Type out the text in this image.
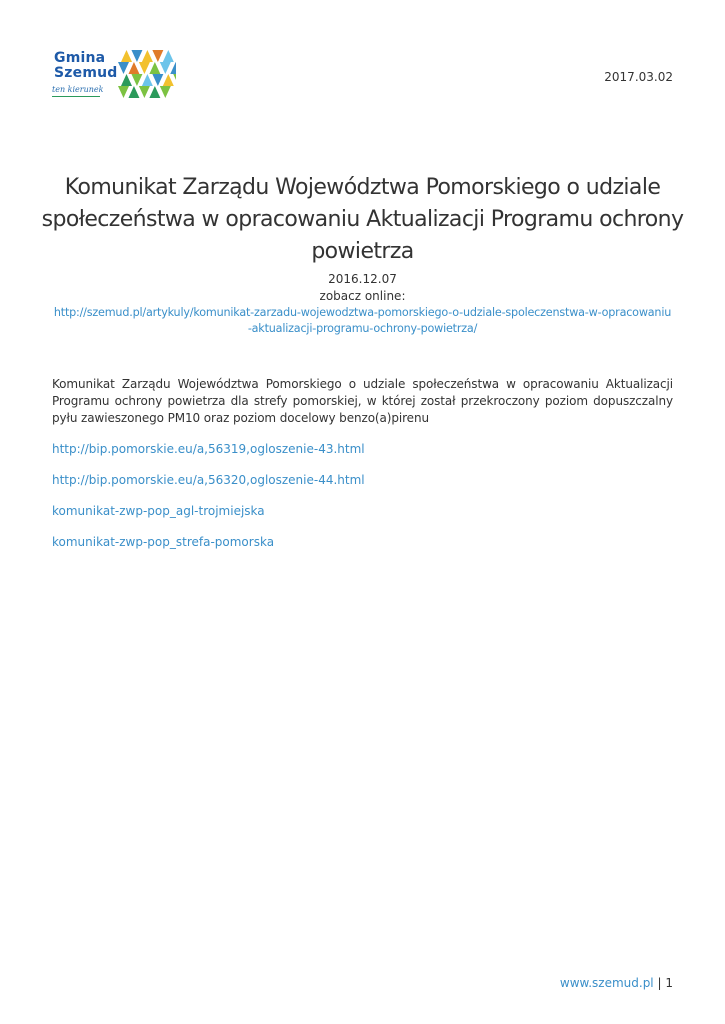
Gmina
Szemud
ten kierunek
2017.03.02
Komunikat Zarządu Województwa Pomorskiego o udziale społeczeństwa w opracowaniu Aktualizacji Programu ochrony powietrza
2016.12.07
zobacz online:
http://szemud.pl/artykuly/komunikat-zarzadu-wojewodztwa-pomorskiego-o-udziale-spoleczenstwa-w-opracowaniu-aktualizacji-programu-ochrony-powietrza/
Komunikat Zarządu Województwa Pomorskiego o udziale społeczeństwa w opracowaniu Aktualizacji Programu ochrony powietrza dla strefy pomorskiej, w której został przekroczony poziom dopuszczalny pyłu zawieszonego PM10 oraz poziom docelowy benzo(a)pirenu
http://bip.pomorskie.eu/a,56319,ogloszenie-43.html
http://bip.pomorskie.eu/a,56320,ogloszenie-44.html
komunikat-zwp-pop_agl-trojmiejska
komunikat-zwp-pop_strefa-pomorska
www.szemud.pl | 1
